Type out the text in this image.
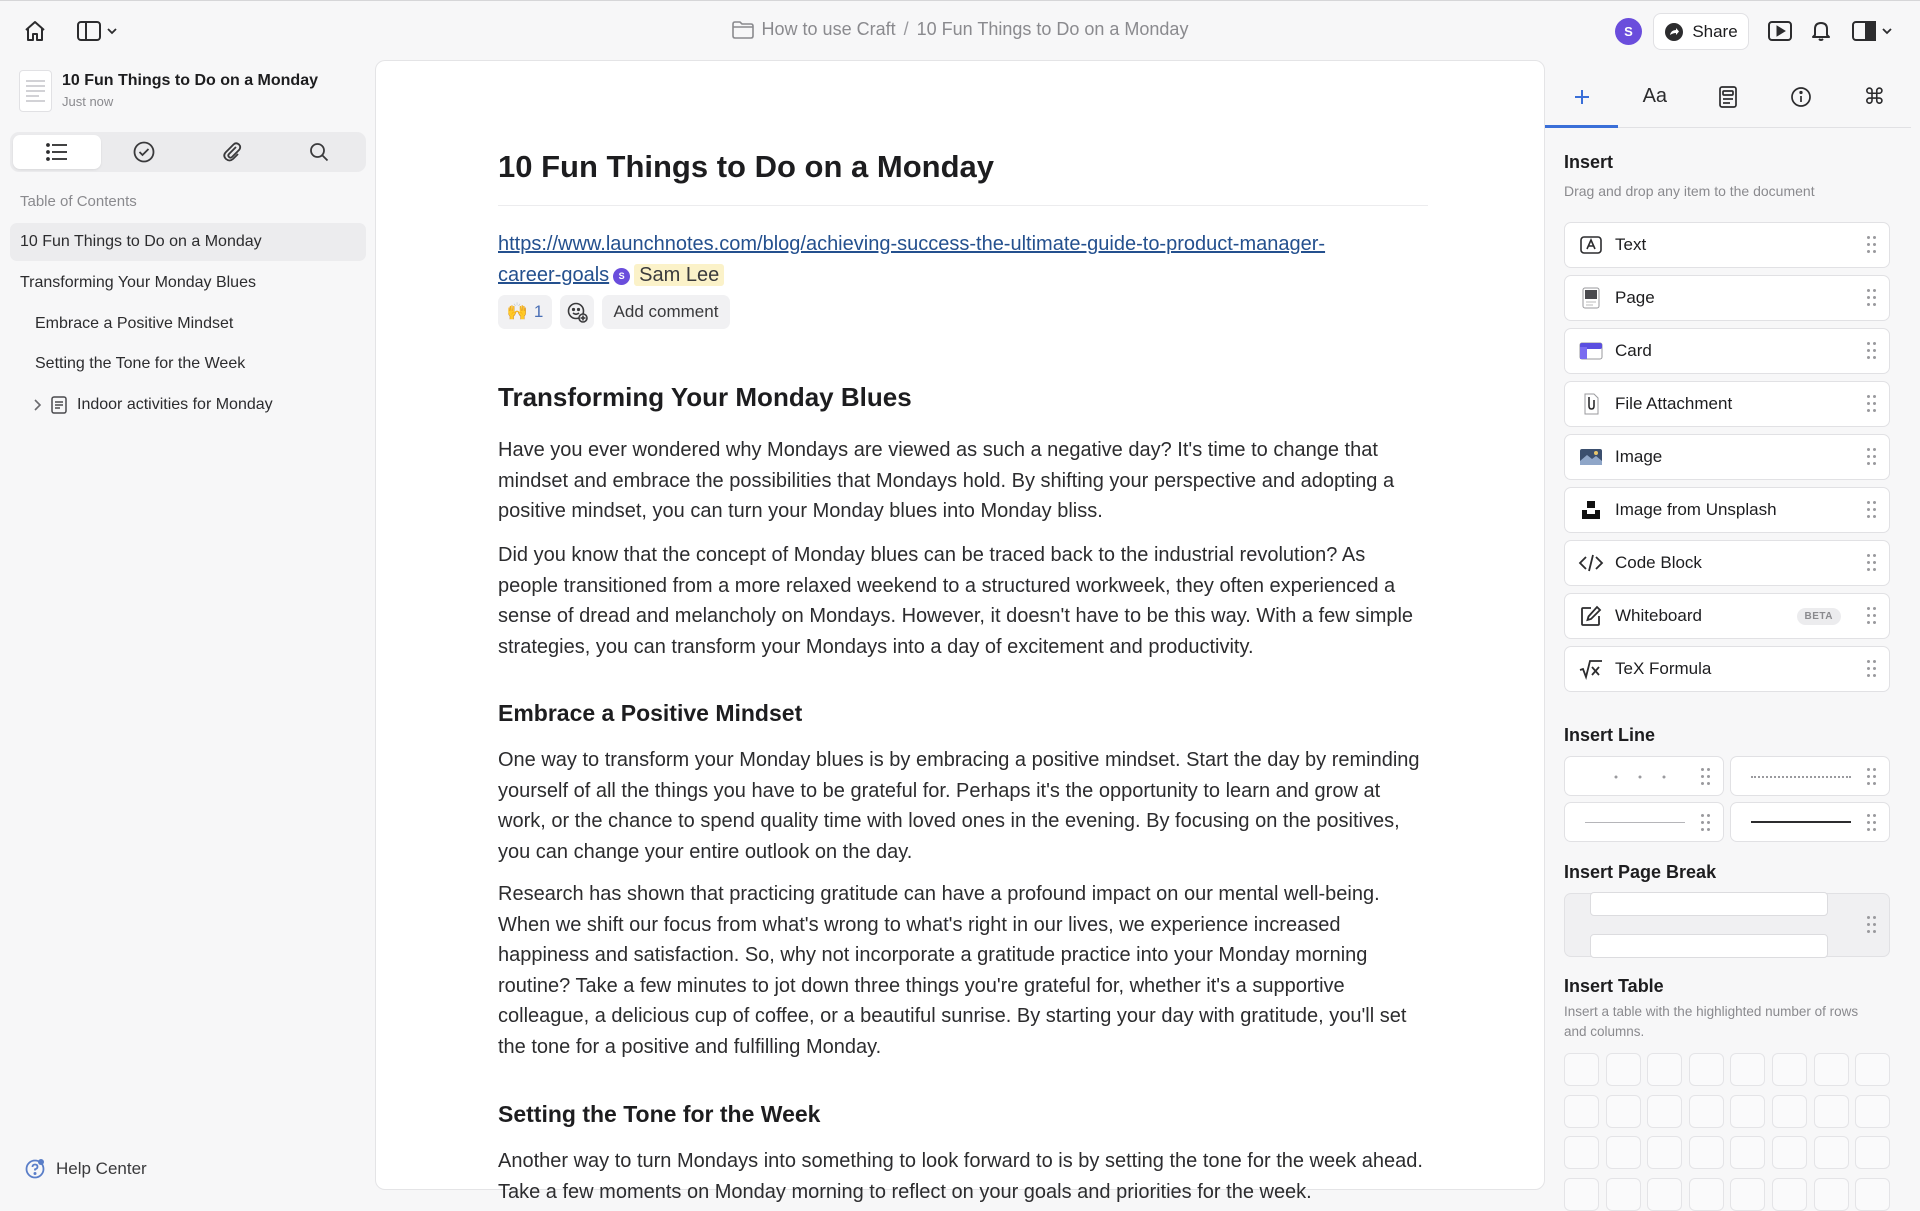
How to use Craft / 10 Fun Things to Do on a Monday	S	Share
10 Fun Things to Do on a Monday
Just now
Table of Contents
10 Fun Things to Do on a Monday
Transforming Your Monday Blues
Embrace a Positive Mindset
Setting the Tone for the Week
Indoor activities for Monday
Help Center
10 Fun Things to Do on a Monday
https://www.launchnotes.com/blog/achieving-success-the-ultimate-guide-to-product-manager-
career-goals S Sam Lee
🙌 1	Add comment
Transforming Your Monday Blues
Have you ever wondered why Mondays are viewed as such a negative day? It's time to change that mindset and embrace the possibilities that Mondays hold. By shifting your perspective and adopting a positive mindset, you can turn your Monday blues into Monday bliss.
Did you know that the concept of Monday blues can be traced back to the industrial revolution? As people transitioned from a more relaxed weekend to a structured workweek, they often experienced a sense of dread and melancholy on Mondays. However, it doesn't have to be this way. With a few simple strategies, you can transform your Mondays into a day of excitement and productivity.
Embrace a Positive Mindset
One way to transform your Monday blues is by embracing a positive mindset. Start the day by reminding yourself of all the things you have to be grateful for. Perhaps it's the opportunity to learn and grow at work, or the chance to spend quality time with loved ones in the evening. By focusing on the positives, you can change your entire outlook on the day.
Research has shown that practicing gratitude can have a profound impact on our mental well-being. When we shift our focus from what's wrong to what's right in our lives, we experience increased happiness and satisfaction. So, why not incorporate a gratitude practice into your Monday morning routine? Take a few minutes to jot down three things you're grateful for, whether it's a supportive colleague, a delicious cup of coffee, or a beautiful sunrise. By starting your day with gratitude, you'll set the tone for a positive and fulfilling Monday.
Setting the Tone for the Week
Another way to turn Mondays into something to look forward to is by setting the tone for the week ahead. Take a few moments on Monday morning to reflect on your goals and priorities for the week.
Aa	⌘
Insert
Drag and drop any item to the document
Text
Page
Card
File Attachment
Image
Image from Unsplash
Code Block
Whiteboard	BETA
TeX Formula
Insert Line
Insert Page Break
Insert Table
Insert a table with the highlighted number of rows and columns.
